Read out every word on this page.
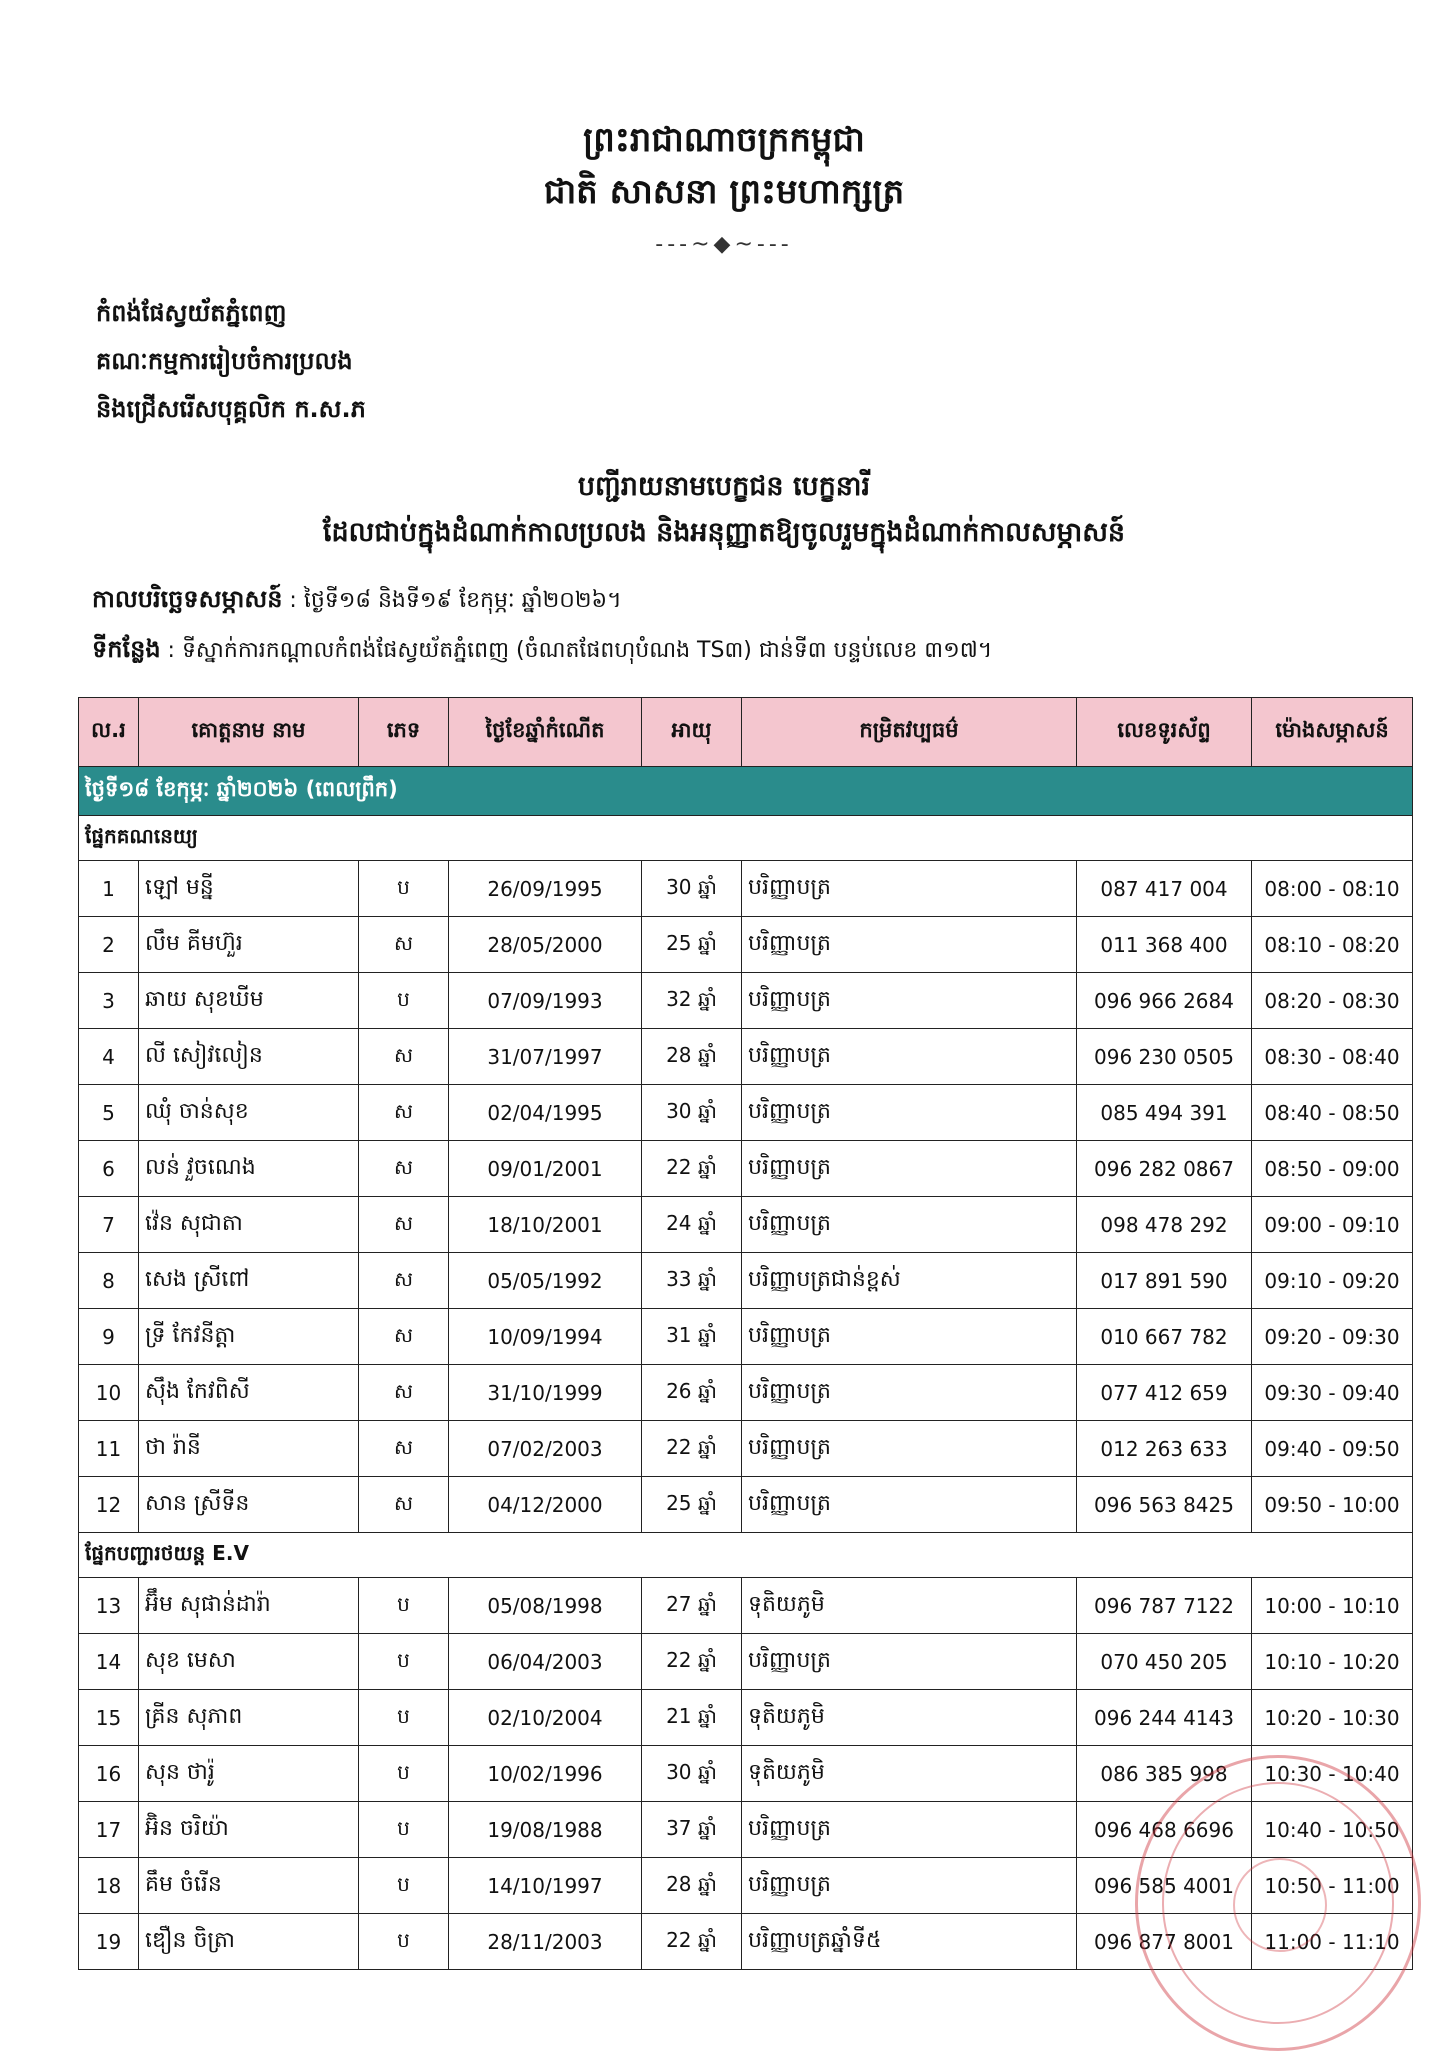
ព្រះរាជាណាចក្រកម្ពុជា
ជាតិ សាសនា ព្រះមហាក្សត្រ
---~◆~---
កំពង់ផែស្វយ័តភ្នំពេញ
គណៈកម្មការរៀបចំការប្រលង
និងជ្រើសរើសបុគ្គលិក ក.ស.ភ
បញ្ជីរាយនាមបេក្ខជន បេក្ខនារី
ដែលជាប់ក្នុងដំណាក់កាលប្រលង និងអនុញ្ញាតឱ្យចូលរួមក្នុងដំណាក់កាលសម្ភាសន៍
កាលបរិច្ឆេទសម្ភាសន៍ : ថ្ងៃទី១៨ និងទី១៩ ខែកុម្ភៈ ឆ្នាំ២០២៦។
ទីកន្លែង : ទីស្នាក់ការកណ្តាលកំពង់ផែស្វយ័តភ្នំពេញ (ចំណតផែពហុបំណង TS៣) ជាន់ទី៣ បន្ទប់លេខ ៣១៧។
ល.រ	គោត្តនាម នាម	ភេទ	ថ្ងៃខែឆ្នាំកំណើត	អាយុ	កម្រិតវប្បធម៌	លេខទូរស័ព្ទ	ម៉ោងសម្ភាសន៍
ថ្ងៃទី១៨ ខែកុម្ភៈ ឆ្នាំ២០២៦ (ពេលព្រឹក)							
ផ្នែកគណនេយ្យ							
1	ឡៅ មន្នី	ប	26/09/1995	30 ឆ្នាំ	បរិញ្ញាបត្រ	087 417 004	08:00 - 08:10
2	លឹម គីមហ៊ួរ	ស	28/05/2000	25 ឆ្នាំ	បរិញ្ញាបត្រ	011 368 400	08:10 - 08:20
3	ឆាយ សុខឃីម	ប	07/09/1993	32 ឆ្នាំ	បរិញ្ញាបត្រ	096 966 2684	08:20 - 08:30
4	លី សៀវលៀន	ស	31/07/1997	28 ឆ្នាំ	បរិញ្ញាបត្រ	096 230 0505	08:30 - 08:40
5	ឈុំ ចាន់សុខ	ស	02/04/1995	30 ឆ្នាំ	បរិញ្ញាបត្រ	085 494 391	08:40 - 08:50
6	លន់ វួចណេង	ស	09/01/2001	22 ឆ្នាំ	បរិញ្ញាបត្រ	096 282 0867	08:50 - 09:00
7	វ៉េន សុជាតា	ស	18/10/2001	24 ឆ្នាំ	បរិញ្ញាបត្រ	098 478 292	09:00 - 09:10
8	សេង ស្រីពៅ	ស	05/05/1992	33 ឆ្នាំ	បរិញ្ញាបត្រជាន់ខ្ពស់	017 891 590	09:10 - 09:20
9	ទ្រី កែវនីត្តា	ស	10/09/1994	31 ឆ្នាំ	បរិញ្ញាបត្រ	010 667 782	09:20 - 09:30
10	ស៊ឹង កែវពិសី	ស	31/10/1999	26 ឆ្នាំ	បរិញ្ញាបត្រ	077 412 659	09:30 - 09:40
11	ថា រ៉ានី	ស	07/02/2003	22 ឆ្នាំ	បរិញ្ញាបត្រ	012 263 633	09:40 - 09:50
12	សាន ស្រីទីន	ស	04/12/2000	25 ឆ្នាំ	បរិញ្ញាបត្រ	096 563 8425	09:50 - 10:00
ផ្នែកបញ្ជារថយន្ត E.V							
13	អ៊ឹម សុផាន់ដារ៉ា	ប	05/08/1998	27 ឆ្នាំ	ទុតិយភូមិ	096 787 7122	10:00 - 10:10
14	សុខ មេសា	ប	06/04/2003	22 ឆ្នាំ	បរិញ្ញាបត្រ	070 450 205	10:10 - 10:20
15	គ្រីន សុភាព	ប	02/10/2004	21 ឆ្នាំ	ទុតិយភូមិ	096 244 4143	10:20 - 10:30
16	សុន ថារ៉ូ	ប	10/02/1996	30 ឆ្នាំ	ទុតិយភូមិ	086 385 998	10:30 - 10:40
17	អ៊ិន ចរិយ៉ា	ប	19/08/1988	37 ឆ្នាំ	បរិញ្ញាបត្រ	096 468 6696	10:40 - 10:50
18	គឹម ចំរើន	ប	14/10/1997	28 ឆ្នាំ	បរិញ្ញាបត្រ	096 585 4001	10:50 - 11:00
19	ឌឿន ចិត្រា	ប	28/11/2003	22 ឆ្នាំ	បរិញ្ញាបត្រឆ្នាំទី៥	096 877 8001	11:00 - 11:10
